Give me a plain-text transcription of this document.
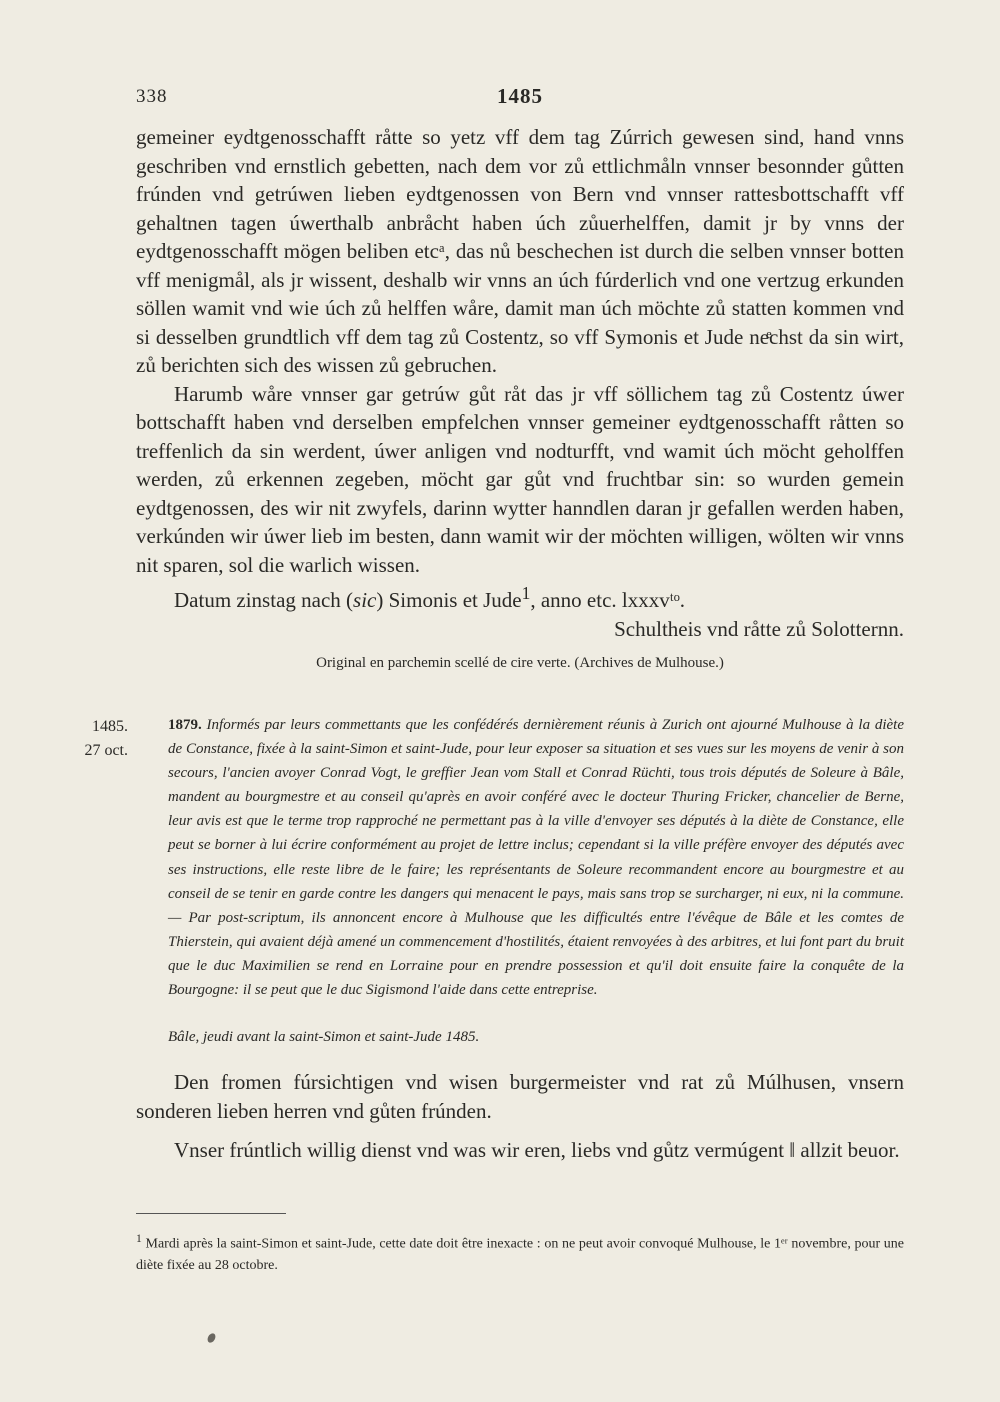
338	1485

gemeiner eydtgenosschafft råtte so yetz vff dem tag Zúrrich gewesen sind, hand vnns geschriben vnd ernstlich gebetten, nach dem vor zů ettlichmåln vnnser besonnder gůtten frúnden vnd getrúwen lieben eydtgenossen von Bern vnd vnnser rattesbottschafft vff gehaltnen tagen úwerthalb anbråcht haben úch zůuerhelffen, damit jr by vnns der eydtgenosschafft mögen beliben etcᵃ, das nů beschechen ist durch die selben vnnser botten vff menigmål, als jr wissent, deshalb wir vnns an úch fúrderlich vnd one vertzug erkunden söllen wamit vnd wie úch zů helffen wåre, damit man úch möchte zů statten kommen vnd si desselben grundtlich vff dem tag zů Costentz, so vff Symonis et Jude neͤchst da sin wirt, zů berichten sich des wissen zů gebruchen.

Harumb wåre vnnser gar getrúw gůt råt das jr vff söllichem tag zů Costentz úwer bottschafft haben vnd derselben empfelchen vnnser gemeiner eydtgenosschafft råtten so treffenlich da sin werdent, úwer anligen vnd nodturfft, vnd wamit úch möcht geholffen werden, zů erkennen zegeben, möcht gar gůt vnd fruchtbar sin: so wurden gemein eydtgenossen, des wir nit zwyfels, darinn wytter hanndlen daran jr gefallen werden haben, verkúnden wir úwer lieb im besten, dann wamit wir der möchten willigen, wölten wir vnns nit sparen, sol die warlich wissen.

Datum zinstag nach (sic) Simonis et Jude$^1$, anno etc. lxxxvᵗᵒ.

Schultheis vnd råtte zů Solotternn.

Original en parchemin scellé de cire verte. (Archives de Mulhouse.)
1485.
27 oct.
1879. Informés par leurs commettants que les confédérés dernièrement réunis à Zurich ont ajourné Mulhouse à la diète de Constance, fixée à la saint-Simon et saint-Jude, pour leur exposer sa situation et ses vues sur les moyens de venir à son secours, l'ancien avoyer Conrad Vogt, le greffier Jean vom Stall et Conrad Rüchti, tous trois députés de Soleure à Bâle, mandent au bourgmestre et au conseil qu'après en avoir conféré avec le docteur Thuring Fricker, chancelier de Berne, leur avis est que le terme trop rapproché ne permettant pas à la ville d'envoyer ses députés à la diète de Constance, elle peut se borner à lui écrire conformément au projet de lettre inclus; cependant si la ville préfère envoyer des députés avec ses instructions, elle reste libre de le faire; les représentants de Soleure recommandent encore au bourgmestre et au conseil de se tenir en garde contre les dangers qui menacent le pays, mais sans trop se surcharger, ni eux, ni la commune. — Par post-scriptum, ils annoncent encore à Mulhouse que les difficultés entre l'évêque de Bâle et les comtes de Thierstein, qui avaient déjà amené un commencement d'hostilités, étaient renvoyées à des arbitres, et lui font part du bruit que le duc Maximilien se rend en Lorraine pour en prendre possession et qu'il doit ensuite faire la conquête de la Bourgogne: il se peut que le duc Sigismond l'aide dans cette entreprise.
Bâle, jeudi avant la saint-Simon et saint-Jude 1485.

Den fromen fúrsichtigen vnd wisen burgermeister vnd rat zů Múlhusen, vnsern sonderen lieben herren vnd gůten frúnden.

Vnser frúntlich willig dienst vnd was wir eren, liebs vnd gůtz vermúgent ‖ allzit beuor.

$^1$ Mardi après la saint-Simon et saint-Jude, cette date doit être inexacte : on ne peut avoir convoqué Mulhouse, le 1ᵉʳ novembre, pour une diète fixée au 28 octobre.
